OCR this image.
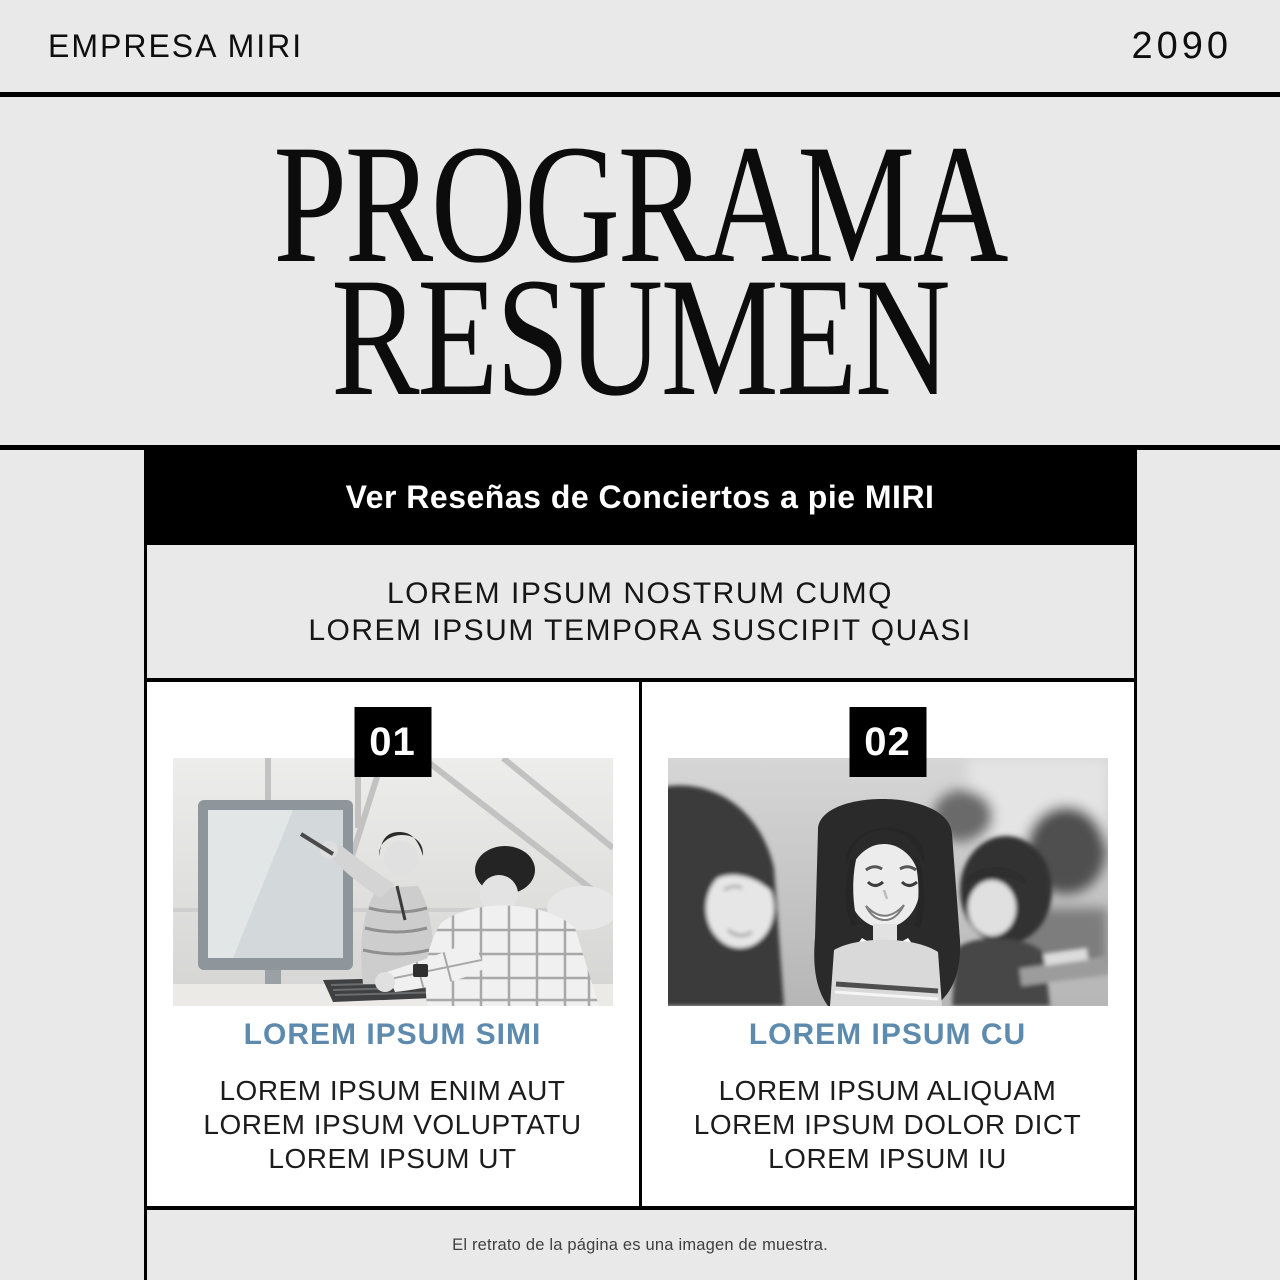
EMPRESA MIRI	2090
PROGRAMA
RESUMEN
Ver Reseñas de Conciertos a pie MIRI
LOREM IPSUM NOSTRUM CUMQ
LOREM IPSUM TEMPORA SUSCIPIT QUASI
01
LOREM IPSUM SIMI
LOREM IPSUM ENIM AUT
LOREM IPSUM VOLUPTATU
LOREM IPSUM UT
02
LOREM IPSUM CU
LOREM IPSUM ALIQUAM
LOREM IPSUM DOLOR DICT
LOREM IPSUM IU
El retrato de la página es una imagen de muestra.
